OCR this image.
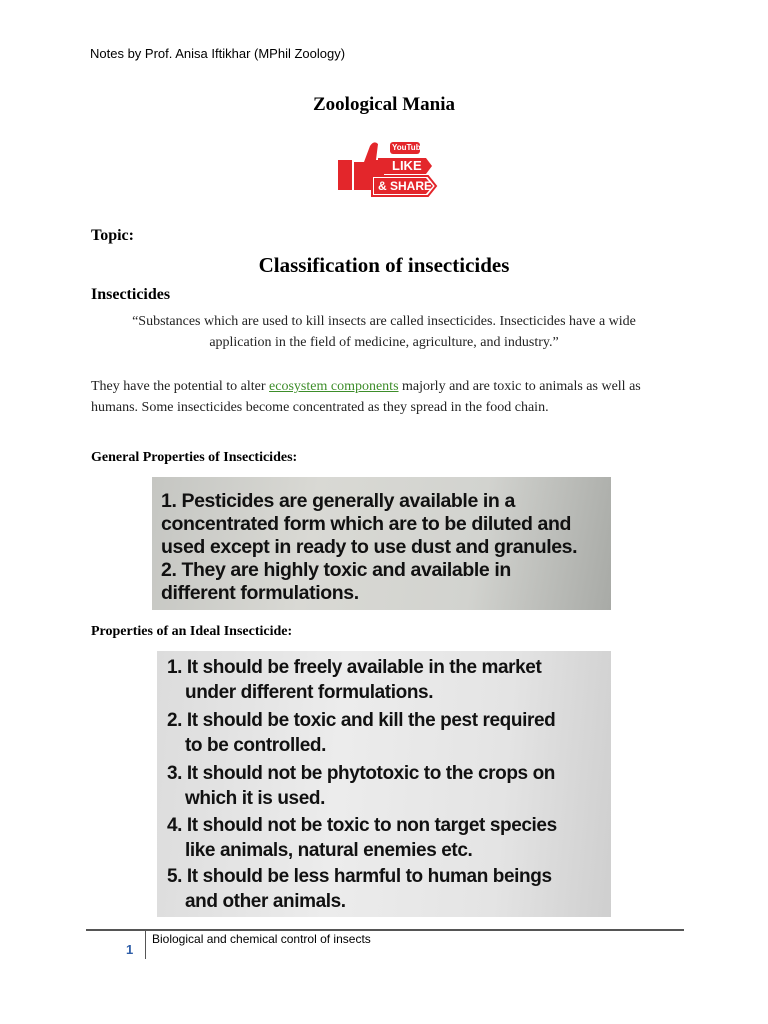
Notes by Prof. Anisa Iftikhar (MPhil Zoology)
Zoological Mania
YouTube
LIKE
& SHARE
Topic:
Classification of insecticides
Insecticides
“Substances which are used to kill insects are called insecticides. Insecticides have a wide application in the field of medicine, agriculture, and industry.”
They have the potential to alter ecosystem components majorly and are toxic to animals as well as humans. Some insecticides become concentrated as they spread in the food chain.
General Properties of Insecticides:
1. Pesticides are generally available in a
concentrated form which are to be diluted and
used except in ready to use dust and granules.
2. They are highly toxic and available in
different formulations.
Properties of an Ideal Insecticide:
1. It should be freely available in the market
under different formulations.
2. It should be toxic and kill the pest required
to be controlled.
3. It should not be phytotoxic to the crops on
which it is used.
4. It should not be toxic to non target species
like animals, natural enemies etc.
5. It should be less harmful to human beings
and other animals.
1
Biological and chemical control of insects
